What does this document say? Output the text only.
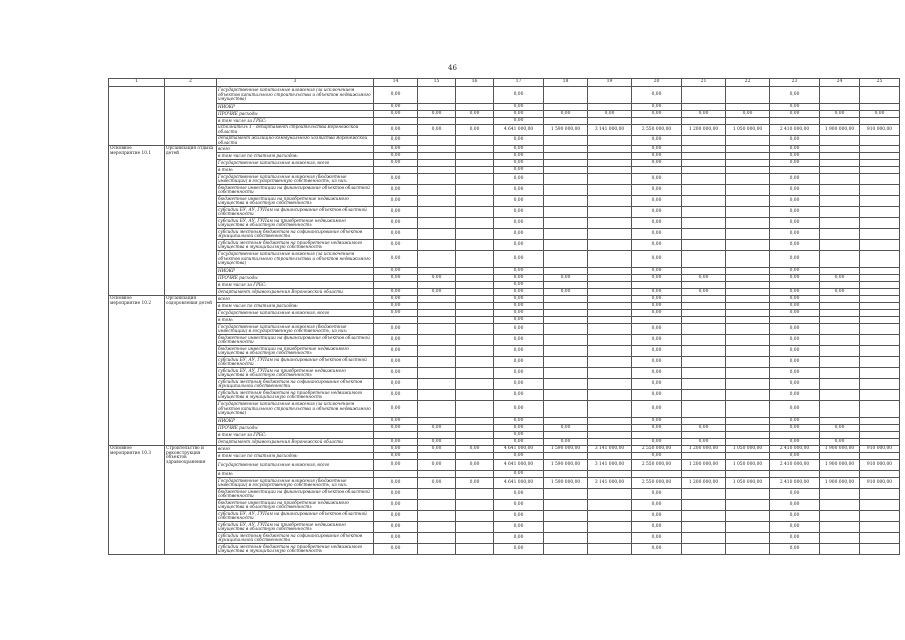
46
1	2	3	14	15	16	17	18	19	20	21	22	23	24	25
		Государственные капитальные вложения (за исключением объектов капитального строительства и объектов недвижимого имущества)	0,00			0,00			0,00			0,00		
		НИОКР	0,00			0,00			0,00			0,00		
		ПРОЧИЕ расходы	0,00	0,00	0,00	0,00	0,00	0,00	0,00	0,00	0,00	0,00	0,00	0,00
		в том числе за ГРБС:				0,00								
		исполнитель 1 - департамент строительства Воронежской области	0,00	0,00	0,00	4 641 000,00	1 590 000,00	3 141 000,00	2 550 000,00	1 200 000,00	1 050 000,00	2 410 000,00	1 900 000,00	910 000,00
		департамент жилищно-коммунального хозяйства Воронежской области	0,00			0,00			0,00			0,00		
Основное мероприятие 10.1	Организация отдыха детей	всего	0,00			0,00			0,00			0,00		
		в том числе по статьям расходов:	0,00			0,00			0,00			0,00		
		Государственные капитальные вложения, всего	0,00			0,00			0,00			0,00		
		в том:				0,00								
		Государственные капитальные вложения (бюджетные инвестиции) в государственную собственность, из них:	0,00			0,00			0,00			0,00		
		бюджетные инвестиции на финансирование объектов областной собственности	0,00			0,00			0,00			0,00		
		бюджетные инвестиции на приобретение недвижимого имущества в областную собственность	0,00			0,00			0,00			0,00		
		субсидии БУ, АУ, ГУПам на финансирование объектов областной собственности	0,00			0,00			0,00			0,00		
		субсидии БУ, АУ, ГУПам на приобретение недвижимого имущества в областную собственность	0,00			0,00			0,00			0,00		
		субсидии местным бюджетам на софинансирование объектов муниципальной собственности	0,00			0,00			0,00			0,00		
		субсидии местным бюджетам на приобретение недвижимого имущества в муниципальную собственность	0,00			0,00			0,00			0,00		
		Государственные капитальные вложения (за исключением объектов капитального строительства и объектов недвижимого имущества)	0,00			0,00			0,00			0,00		
		НИОКР	0,00			0,00			0,00			0,00		
		ПРОЧИЕ расходы	0,00	0,00		0,00	0,00		0,00	0,00		0,00	0,00	
		в том числе за ГРБС:				0,00								
		департамент здравоохранения Воронежской области	0,00	0,00		0,00	0,00		0,00	0,00		0,00	0,00	
Основное мероприятие 10.2	Организация оздоровления детей	всего	0,00			0,00			0,00			0,00		
		в том числе по статьям расходов:	0,00			0,00			0,00			0,00		
		Государственные капитальные вложения, всего	0,00			0,00			0,00			0,00		
		в том:				0,00								
		Государственные капитальные вложения (бюджетные инвестиции) в государственную собственность, из них:	0,00			0,00			0,00			0,00		
		бюджетные инвестиции на финансирование объектов областной собственности	0,00			0,00			0,00			0,00		
		бюджетные инвестиции на приобретение недвижимого имущества в областную собственность	0,00			0,00			0,00			0,00		
		субсидии БУ, АУ, ГУПам на финансирование объектов областной собственности	0,00			0,00			0,00			0,00		
		субсидии БУ, АУ, ГУПам на приобретение недвижимого имущества в областную собственность	0,00			0,00			0,00			0,00		
		субсидии местным бюджетам на софинансирование объектов муниципальной собственности	0,00			0,00			0,00			0,00		
		субсидии местным бюджетам на приобретение недвижимого имущества в муниципальную собственность	0,00			0,00			0,00			0,00		
		Государственные капитальные вложения (за исключением объектов капитального строительства и объектов недвижимого имущества)	0,00			0,00			0,00			0,00		
		НИОКР	0,00			0,00			0,00			0,00		
		ПРОЧИЕ расходы	0,00	0,00		0,00	0,00		0,00	0,00		0,00	0,00	
		в том числе за ГРБС:				0,00								
		департамент здравоохранения Воронежской области	0,00	0,00		0,00	0,00		0,00	0,00		0,00	0,00	
Основное мероприятие 10.3	Строительство и реконструкция объектов здравоохранения	всего	0,00	0,00	0,00	4 641 000,00	1 590 000,00	3 141 000,00	2 550 000,00	1 200 000,00	1 050 000,00	2 410 000,00	1 900 000,00	910 000,00
		в том числе по статьям расходов:	0,00			0,00			0,00			0,00		
		Государственные капитальные вложения, всего	0,00	0,00	0,00	4 641 000,00	1 590 000,00	3 141 000,00	2 550 000,00	1 200 000,00	1 050 000,00	2 410 000,00	1 900 000,00	910 000,00
		в том:				0,00								
		Государственные капитальные вложения (бюджетные инвестиции) в государственную собственность, из них:	0,00	0,00	0,00	4 641 000,00	1 590 000,00	3 141 000,00	2 550 000,00	1 200 000,00	1 050 000,00	2 410 000,00	1 900 000,00	910 000,00
		бюджетные инвестиции на финансирование объектов областной собственности	0,00			0,00			0,00			0,00		
		бюджетные инвестиции на приобретение недвижимого имущества в областную собственность	0,00			0,00			0,00			0,00		
		субсидии БУ, АУ, ГУПам на финансирование объектов областной собственности	0,00			0,00			0,00			0,00		
		субсидии БУ, АУ, ГУПам на приобретение недвижимого имущества в областную собственность	0,00			0,00			0,00			0,00		
		субсидии местным бюджетам на софинансирование объектов муниципальной собственности	0,00			0,00			0,00			0,00		
		субсидии местным бюджетам на приобретение недвижимого имущества в муниципальную собственность	0,00			0,00			0,00			0,00		
